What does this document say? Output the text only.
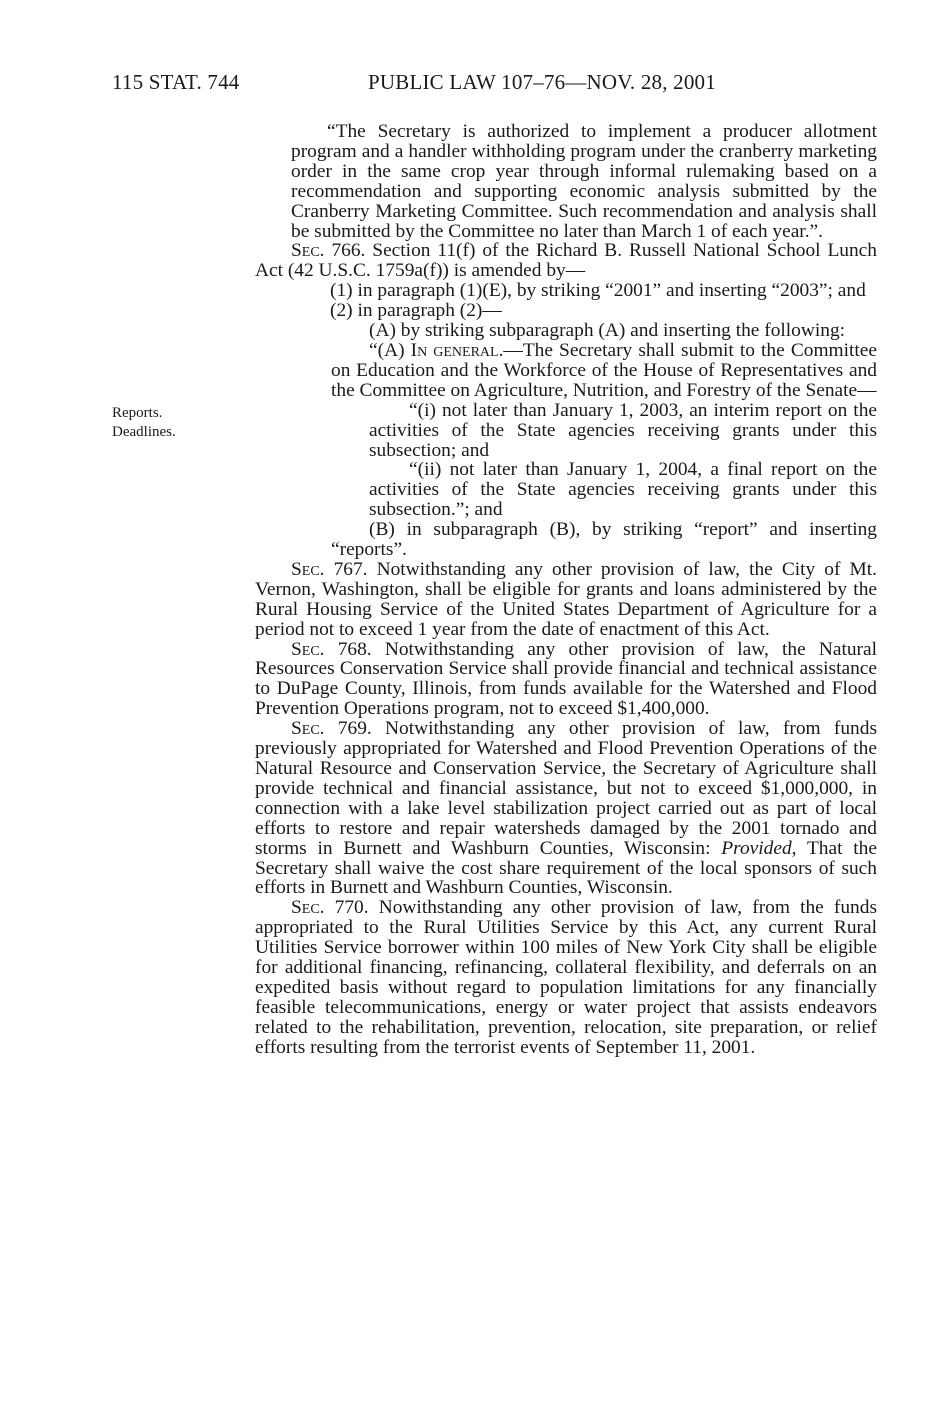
115 STAT. 744	PUBLIC LAW 107–76—NOV. 28, 2001
Reports.
Deadlines.

“The Secretary is authorized to implement a producer allotment program and a handler withholding program under the cranberry marketing order in the same crop year through informal rulemaking based on a recommendation and supporting economic analysis submitted by the Cranberry Marketing Committee. Such recommendation and analysis shall be submitted by the Committee no later than March 1 of each year.”.

Sec. 766. Section 11(f) of the Richard B. Russell National School Lunch Act (42 U.S.C. 1759a(f)) is amended by—

(1) in paragraph (1)(E), by striking “2001” and inserting “2003”; and

(2) in paragraph (2)—

(A) by striking subparagraph (A) and inserting the following:

“(A) In general.—The Secretary shall submit to the Committee on Education and the Workforce of the House of Representatives and the Committee on Agriculture, Nutrition, and Forestry of the Senate—

“(i) not later than January 1, 2003, an interim report on the activities of the State agencies receiving grants under this subsection; and

“(ii) not later than January 1, 2004, a final report on the activities of the State agencies receiving grants under this subsection.”; and

(B) in subparagraph (B), by striking “report” and inserting “reports”.

Sec. 767. Notwithstanding any other provision of law, the City of Mt. Vernon, Washington, shall be eligible for grants and loans administered by the Rural Housing Service of the United States Department of Agriculture for a period not to exceed 1 year from the date of enactment of this Act.

Sec. 768. Notwithstanding any other provision of law, the Natural Resources Conservation Service shall provide financial and technical assistance to DuPage County, Illinois, from funds available for the Watershed and Flood Prevention Operations program, not to exceed $1,400,000.

Sec. 769. Notwithstanding any other provision of law, from funds previously appropriated for Watershed and Flood Prevention Operations of the Natural Resource and Conservation Service, the Secretary of Agriculture shall provide technical and financial assistance, but not to exceed $1,000,000, in connection with a lake level stabilization project carried out as part of local efforts to restore and repair watersheds damaged by the 2001 tornado and storms in Burnett and Washburn Counties, Wisconsin: Provided, That the Secretary shall waive the cost share requirement of the local sponsors of such efforts in Burnett and Washburn Counties, Wisconsin.

Sec. 770. Nowithstanding any other provision of law, from the funds appropriated to the Rural Utilities Service by this Act, any current Rural Utilities Service borrower within 100 miles of New York City shall be eligible for additional financing, refinancing, collateral flexibility, and deferrals on an expedited basis without regard to population limitations for any financially feasible telecommunications, energy or water project that assists endeavors related to the rehabilitation, prevention, relocation, site preparation, or relief efforts resulting from the terrorist events of September 11, 2001.
